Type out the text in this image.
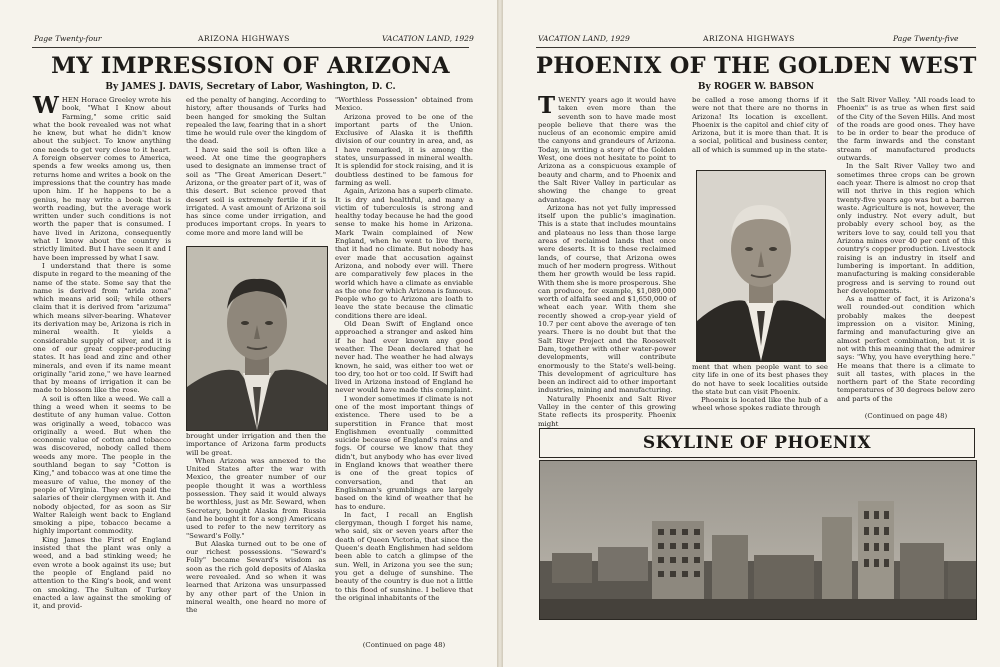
Page Twenty-four	ARIZONA HIGHWAYS	VACATION LAND, 1929
MY IMPRESSION OF ARIZONA
By JAMES J. DAVIS, Secretary of Labor, Washington, D. C.

WHEN Horace Greeley wrote his book, "What I Know about Farming," some critic said what the book revealed was not what he knew, but what he didn't know about the subject. To know anything one needs to get very close to it heart. A foreign observer comes to America, spends a few weeks among us, then returns home and writes a book on the impressions that the country has made upon him. If he happens to be a genius, he may write a book that is worth reading, but the average work written under such conditions is not worth the paper that is consumed. I have lived in Arizona, consequently what I know about the country is strictly limited. But I have seen it and I have been impressed by what I saw.

I understand that there is some dispute in regard to the meaning of the name of the state. Some say that the name is derived from "arida zona" which means arid soil; while others claim that it is derived from "arizuma" which means silver-bearing. Whatever its derivation may be, Arizona is rich in mineral wealth. It yields a considerable supply of silver, and it is one of our great copper-producing states. It has lead and zinc and other minerals, and even if its name meant originally "arid zone," we have learned that by means of irrigation it can be made to blossom like the rose.

A soil is often like a weed. We call a thing a weed when it seems to be destitute of any human value. Cotton was originally a weed, tobacco was originally a weed. But when the economic value of cotton and tobacco was discovered, nobody called them weeds any more. The people in the southland began to say "Cotton is King," and tobacco was at one time the measure of value, the money of the people of Virginia. They even paid the salaries of their clergymen with it. And nobody objected, for as soon as Sir Walter Raleigh went back to England smoking a pipe, tobacco became a highly important commodity.

King James the First of England insisted that the plant was only a weed, and a bad stinking weed; he even wrote a book against its use; but the people of England paid no attention to the King's book, and went on smoking. The Sultan of Turkey enacted a law against the smoking of it, and provid-

ed the penalty of hanging. According to history, after thousands of Turks had been hanged for smoking the Sultan repealed the law, fearing that in a short time he would rule over the kingdom of the dead.

I have said the soil is often like a weed. At one time the geographers used to designate an immense tract of soil as "The Great American Desert." Arizona, or the greater part of it, was of this desert. But science proved that desert soil is extremely fertile if it is irrigated. A vast amount of Arizona soil has since come under irrigation, and produces important crops. In years to come more and more land will be

brought under irrigation and then the importance of Arizona farm products will be great.

When Arizona was annexed to the United States after the war with Mexico, the greater number of our people thought it was a worthless possession. They said it would always be worthless, just as Mr. Seward, when Secretary, bought Alaska from Russia (and he bought it for a song) Americans used to refer to the new territory as "Seward's Folly."

But Alaska turned out to be one of our richest possessions. "Seward's Folly" became Seward's wisdom as soon as the rich gold deposits of Alaska were revealed. And so when it was learned that Arizona was unsurpassed by any other part of the Union in mineral wealth, one heard no more of the

"Worthless Possession" obtained from Mexico.

Arizona proved to be one of the important parts of the Union. Exclusive of Alaska it is thefifth division of our country in area, and, as I have remarked, it is among the states, unsurpassed in mineral wealth. It is splendid for stock raising, and it is doubtless destined to be famous for farming as well.

Again, Arizona has a superb climate. It is dry and healthful, and many a victim of tuberculosis is strong and healthy today because he had the good sense to make his home in Arizona. Mark Twain complained of New England, when he went to live there, that it had no climate. But nobody has ever made that accusation against Arizona, and nobody ever will. There are comparatively few places in the world which have a climate as enviable as the one for which Arizona is famous. People who go to Arizona are loath to leave the state because the climatic conditions there are ideal.

Old Dean Swift of England once approached a stranger and asked him if he had ever known any good weather. The Dean declared that he never had. The weather he had always known, he said, was either too wet or too dry, too hot or too cold. If Swift had lived in Arizona instead of England he never would have made this complaint.

I wonder sometimes if climate is not one of the most important things of existence. There used to be a superstition in France that most Englishmen eventually committed suicide because of England's rains and fogs. Of course we know that they didn't, but anybody who has ever lived in England knows that weather there is one of the great topics of conversation, and that an Englishman's grumblings are largely based on the kind of weather that he has to endure.

In fact, I recall an English clergyman, though I forget his name, who said, six or seven years after the death of Queen Victoria, that since the Queen's death Englishmen had seldom been able to catch a glimpse of the sun. Well, in Arizona you see the sun; you get a deluge of sunshine. The beauty of the country is due not a little to this flood of sunshine. I believe that the original inhabitants of the

(Continued on page 48)

VACATION LAND, 1929	ARIZONA HIGHWAYS	Page Twenty-five
PHOENIX OF THE GOLDEN WEST
By ROGER W. BABSON

TWENTY years ago it would have taken even more than the seventh son to have made most people believe that there was the nucleus of an economic empire amid the canyons and grandeurs of Arizona. Today, in writing a story of the Golden West, one does not hesitate to point to Arizona as a conspicuous example of beauty and charm, and to Phoenix and the Salt River Valley in particular as showing the change to great advantage.

Arizona has not yet fully impressed itself upon the public's imagination. This is a state that includes mountains and plateaus no less than those large areas of reclaimed lands that once were deserts. It is to these reclaimed lands, of course, that Arizona owes much of her modern progress. Without them her growth would be less rapid. With them she is more prosperous. She can produce, for example, $1,089,000 worth of alfalfa seed and $1,650,000 of wheat each year. With them she recently showed a crop-year yield of 10.7 per cent above the average of ten years. There is no doubt but that the Salt River Project and the Roosevelt Dam, together with other water-power developments, will contribute enormously to the State's well-being. This development of agriculture has been an indirect aid to other important industries, mining and manufacturing.

Naturally Phoenix and Salt River Valley in the center of this growing State reflects its prosperity. Phoenix might

be called a rose among thorns if it were not that there are no thorns in Arizona! Its location is excellent. Phoenix is the capitol and chief city of Arizona, but it is more than that. It is a social, political and business center, all of which is summed up in the state-

ment that when people want to see city life in one of its best phases they do not have to seek localities outside the state but can visit Phoenix.

Phoenix is located like the hub of a wheel whose spokes radiate through

the Salt River Valley. "All roads lead to Phoenix" is as true as when first said of the City of the Seven Hills. And most of the roads are good ones. They have to be in order to bear the produce of the farm inwards and the constant stream of manufactured products outwards.

In the Salt River Valley two and sometimes three crops can be grown each year. There is almost no crop that will not thrive in this region which twenty-five years ago was but a barren waste. Agriculture is not, however, the only industry. Not every adult, but probably every school boy, as the writers love to say, could tell you that Arizona mines over 40 per cent of this country's copper production. Livestock raising is an industry in itself and lumbering is important. In addition, manufacturing is making considerable progress and is serving to round out her developments.

As a matter of fact, it is Arizona's well rounded-out condition which probably makes the deepest impression on a visitor. Mining, farming and manufacturing give an almost perfect combination, but it is not with this meaning that the admirer says: "Why, you have everything here." He means that there is a climate to suit all tastes, with places in the northern part of the State recording temperatures of 30 degrees below zero and parts of the

(Continued on page 48)

SKYLINE OF PHOENIX
